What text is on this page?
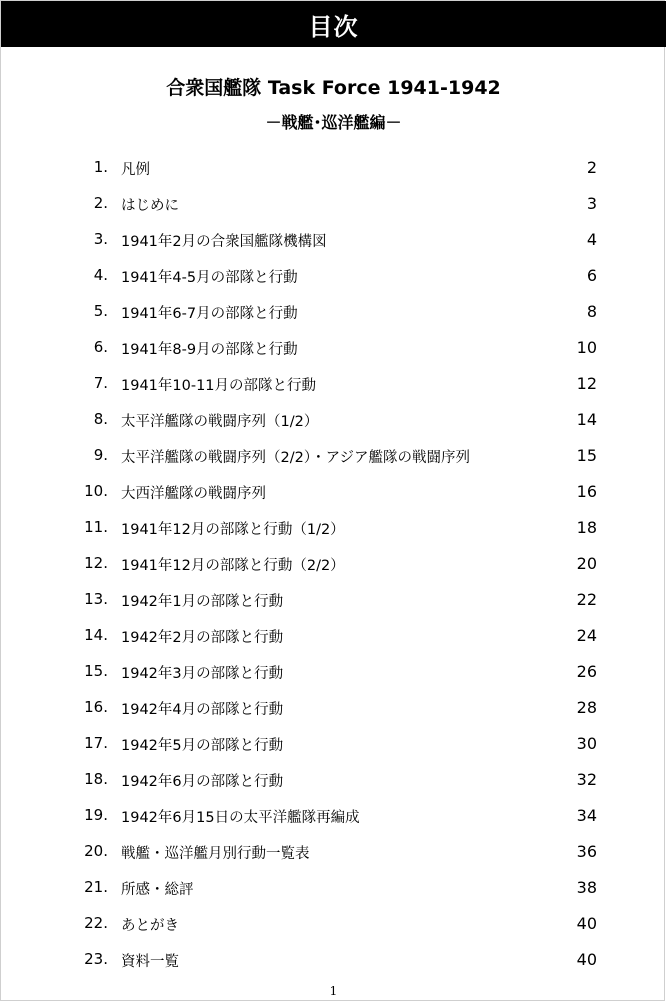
目次
合衆国艦隊 Task Force 1941-1942
－戦艦･巡洋艦編－
1. 凡例	2
2. はじめに	3
3. 1941年2月の合衆国艦隊機構図	4
4. 1941年4-5月の部隊と行動	6
5. 1941年6-7月の部隊と行動	8
6. 1941年8-9月の部隊と行動	10
7. 1941年10-11月の部隊と行動	12
8. 太平洋艦隊の戦闘序列（1/2）	14
9. 太平洋艦隊の戦闘序列（2/2）・アジア艦隊の戦闘序列	15
10. 大西洋艦隊の戦闘序列	16
11. 1941年12月の部隊と行動（1/2）	18
12. 1941年12月の部隊と行動（2/2）	20
13. 1942年1月の部隊と行動	22
14. 1942年2月の部隊と行動	24
15. 1942年3月の部隊と行動	26
16. 1942年4月の部隊と行動	28
17. 1942年5月の部隊と行動	30
18. 1942年6月の部隊と行動	32
19. 1942年6月15日の太平洋艦隊再編成	34
20. 戦艦・巡洋艦月別行動一覧表	36
21. 所感・総評	38
22. あとがき	40
23. 資料一覧	40
1
